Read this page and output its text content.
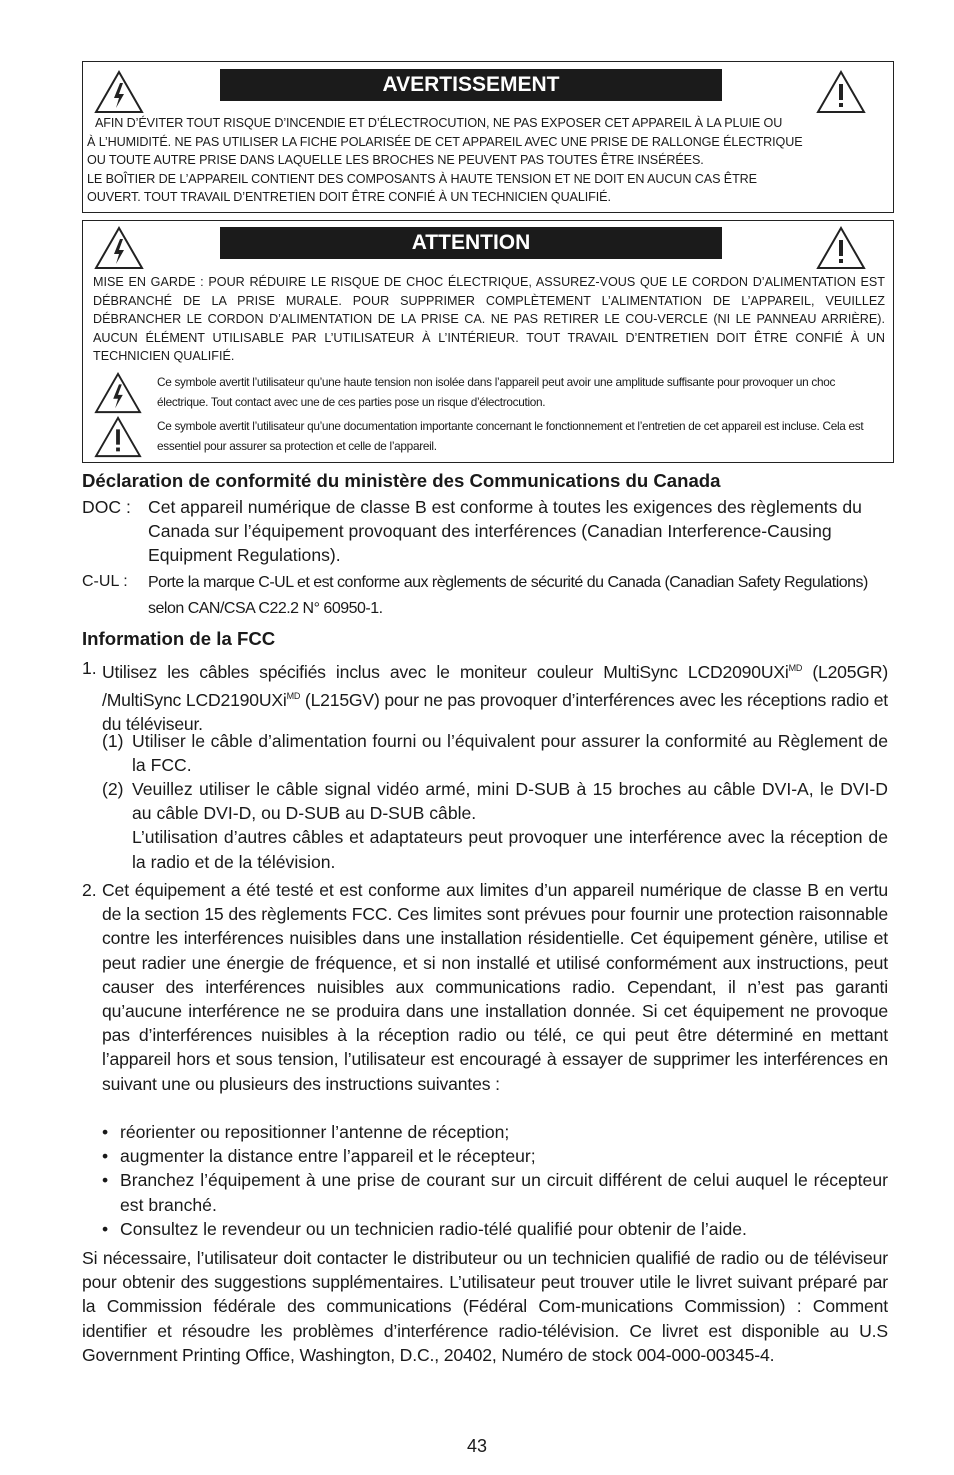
AVERTISSEMENT
AFIN D’ÉVITER TOUT RISQUE D’INCENDIE ET D’ÉLECTROCUTION, NE PAS EXPOSER CET APPAREIL À LA PLUIE OU
À L’HUMIDITÉ. NE PAS UTILISER LA FICHE POLARISÉE DE CET APPAREIL AVEC UNE PRISE DE RALLONGE ÉLECTRIQUE
OU TOUTE AUTRE PRISE DANS LAQUELLE LES BROCHES NE PEUVENT PAS TOUTES ÊTRE INSÉRÉES.
LE BOÎTIER DE L’APPAREIL CONTIENT DES COMPOSANTS À HAUTE TENSION ET NE DOIT EN AUCUN CAS ÊTRE
OUVERT. TOUT TRAVAIL D’ENTRETIEN DOIT ÊTRE CONFIÉ À UN TECHNICIEN QUALIFIÉ.
ATTENTION
MISE EN GARDE : POUR RÉDUIRE LE RISQUE DE CHOC ÉLECTRIQUE, ASSUREZ-VOUS QUE LE CORDON D’ALIMENTATION EST DÉBRANCHÉ DE LA PRISE MURALE. POUR SUPPRIMER COMPLÈTEMENT L’ALIMENTATION DE L’APPAREIL, VEUILLEZ DÉBRANCHER LE CORDON D’ALIMENTATION DE LA PRISE CA. NE PAS RETIRER LE COU-VERCLE (NI LE PANNEAU ARRIÈRE). AUCUN ÉLÉMENT UTILISABLE PAR L’UTILISATEUR À L’INTÉRIEUR. TOUT TRAVAIL D’ENTRETIEN DOIT ÊTRE CONFIÉ À UN TECHNICIEN QUALIFIÉ.
Ce symbole avertit l’utilisateur qu’une haute tension non isolée dans l’appareil peut avoir une amplitude suffisante pour provoquer un choc électrique. Tout contact avec une de ces parties pose un risque d’électrocution.
Ce symbole avertit l’utilisateur qu’une documentation importante concernant le fonctionnement et l’entretien de cet appareil est incluse. Cela est essentiel pour assurer sa protection et celle de l’appareil.
Déclaration de conformité du ministère des Communications du Canada
DOC : Cet appareil numérique de classe B est conforme à toutes les exigences des règlements du Canada sur l’équipement provoquant des interférences (Canadian Interference-Causing Equipment Regulations).
C-UL : Porte la marque C-UL et est conforme aux règlements de sécurité du Canada (Canadian Safety Regulations) selon CAN/CSA C22.2 N° 60950-1.
Information de la FCC
1. Utilisez les câbles spécifiés inclus avec le moniteur couleur MultiSync LCD2090UXi$^{MD}$ (L205GR) /MultiSync LCD2190UXi$^{MD}$ (L215GV) pour ne pas provoquer d’interférences avec les réceptions radio et du téléviseur.
(1) Utiliser le câble d’alimentation fourni ou l’équivalent pour assurer la conformité au Règlement de la FCC.
(2) Veuillez utiliser le câble signal vidéo armé, mini D-SUB à 15 broches au câble DVI-A, le DVI-D au câble DVI-D, ou D-SUB au D-SUB câble.
L’utilisation d’autres câbles et adaptateurs peut provoquer une interférence avec la réception de la radio et de la télévision.
2. Cet équipement a été testé et est conforme aux limites d’un appareil numérique de classe B en vertu de la section 15 des règlements FCC. Ces limites sont prévues pour fournir une protection raisonnable contre les interférences nuisibles dans une installation résidentielle. Cet équipement génère, utilise et peut radier une énergie de fréquence, et si non installé et utilisé conformément aux instructions, peut causer des interférences nuisibles aux communications radio. Cependant, il n’est pas garanti qu’aucune interférence ne se produira dans une installation donnée. Si cet équipement ne provoque pas d’interférences nuisibles à la réception radio ou télé, ce qui peut être déterminé en mettant l’appareil hors et sous tension, l’utilisateur est encouragé à essayer de supprimer les interférences en suivant une ou plusieurs des instructions suivantes :
• réorienter ou repositionner l’antenne de réception;
• augmenter la distance entre l’appareil et le récepteur;
• Branchez l’équipement à une prise de courant sur un circuit différent de celui auquel le récepteur est branché.
• Consultez le revendeur ou un technicien radio-télé qualifié pour obtenir de l’aide.
Si nécessaire, l’utilisateur doit contacter le distributeur ou un technicien qualifié de radio ou de téléviseur pour obtenir des suggestions supplémentaires. L’utilisateur peut trouver utile le livret suivant préparé par la Commission fédérale des communications (Fédéral Com-munications Commission) : Comment identifier et résoudre les problèmes d’interférence radio-télévision. Ce livret est disponible au U.S Government Printing Office, Washington, D.C., 20402, Numéro de stock 004-000-00345-4.
43
